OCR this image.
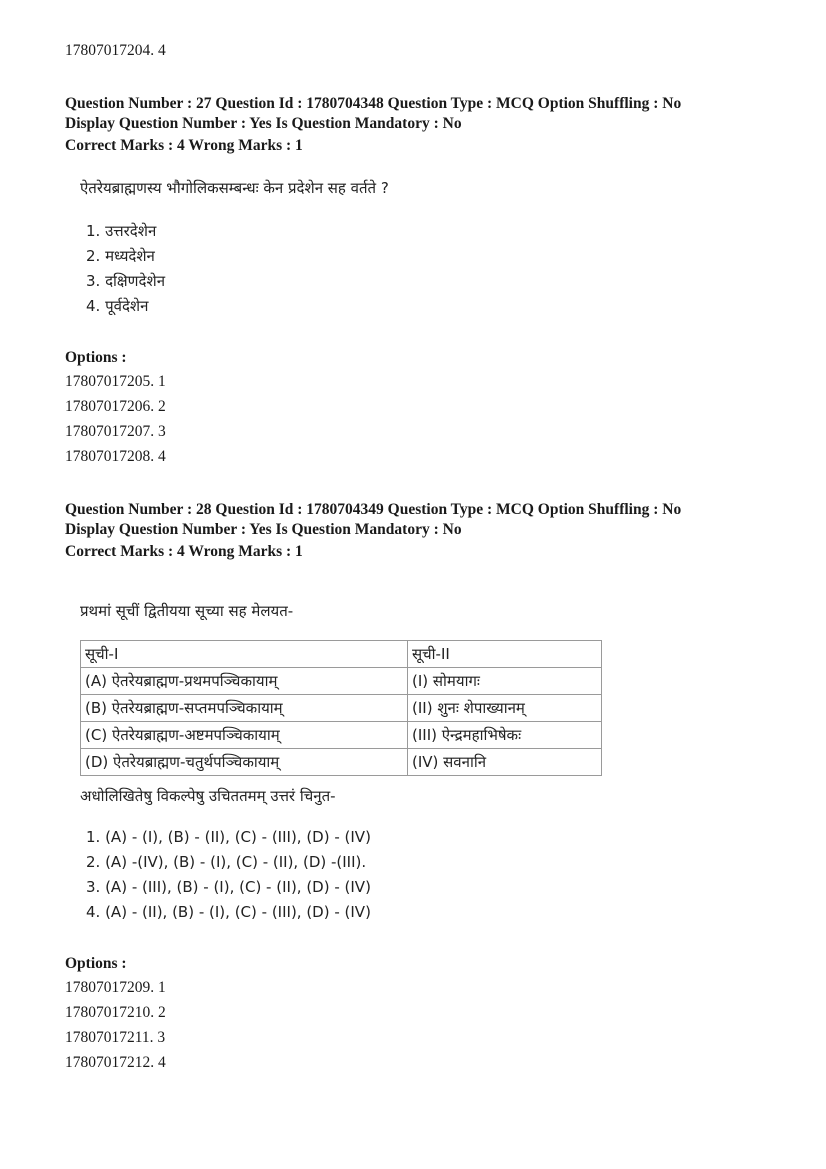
17807017204. 4
Question Number : 27 Question Id : 1780704348 Question Type : MCQ Option Shuffling : No
Display Question Number : Yes Is Question Mandatory : No
Correct Marks : 4 Wrong Marks : 1
ऐतरेयब्राह्मणस्य भौगोलिकसम्बन्धः केन प्रदेशेन सह वर्तते ?
1. उत्तरदेशेन
2. मध्यदेशेन
3. दक्षिणदेशेन
4. पूर्वदेशेन
Options :
17807017205. 1
17807017206. 2
17807017207. 3
17807017208. 4
Question Number : 28 Question Id : 1780704349 Question Type : MCQ Option Shuffling : No
Display Question Number : Yes Is Question Mandatory : No
Correct Marks : 4 Wrong Marks : 1
प्रथमां सूचीं द्वितीयया सूच्या सह मेलयत-
सूची-I	सूची-II
(A) ऐतरेयब्राह्मण-प्रथमपञ्चिकायाम्	(I) सोमयागः
(B) ऐतरेयब्राह्मण-सप्तमपञ्चिकायाम्	(II) शुनः शेपाख्यानम्
(C) ऐतरेयब्राह्मण-अष्टमपञ्चिकायाम्	(III) ऐन्द्रमहाभिषेकः
(D) ऐतरेयब्राह्मण-चतुर्थपञ्चिकायाम्	(IV) सवनानि
अधोलिखितेषु विकल्पेषु उचिततमम् उत्तरं चिनुत-
1. (A) - (I), (B) - (II), (C) - (III), (D) - (IV)
2. (A) -(IV), (B) - (I), (C) - (II), (D) -(III).
3. (A) - (III), (B) - (I), (C) - (II), (D) - (IV)
4. (A) - (II), (B) - (I), (C) - (III), (D) - (IV)
Options :
17807017209. 1
17807017210. 2
17807017211. 3
17807017212. 4
